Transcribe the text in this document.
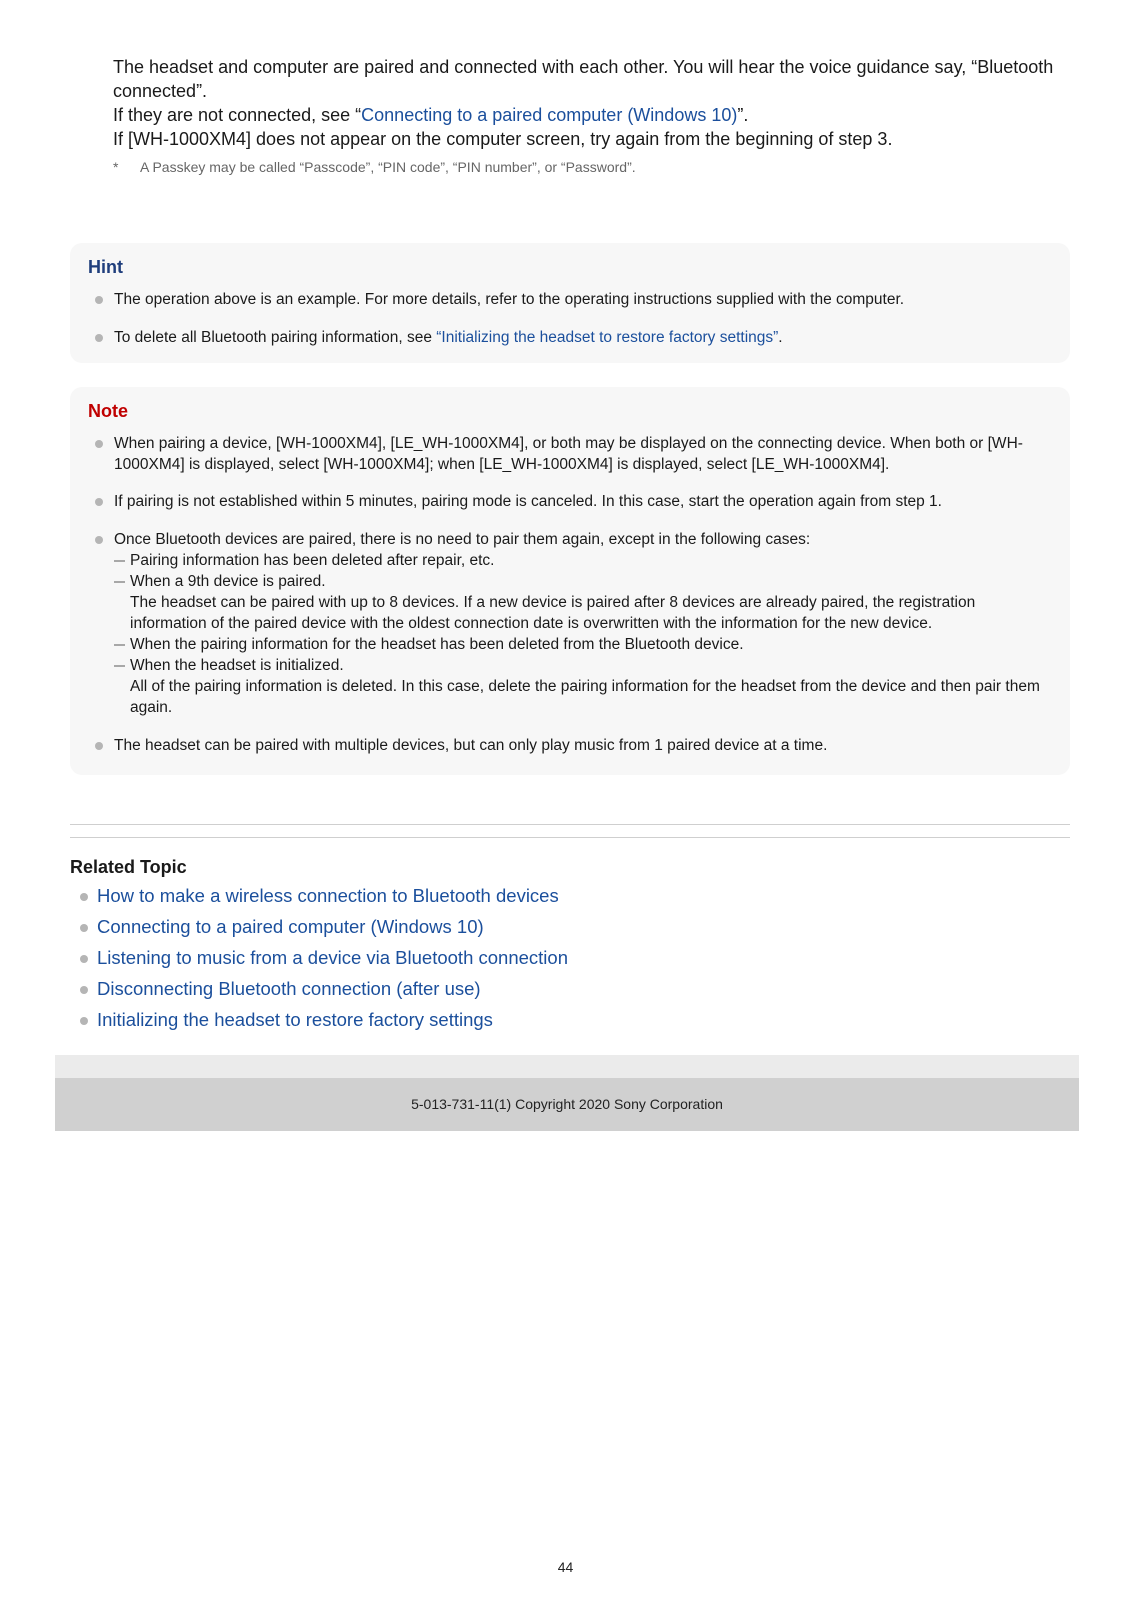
The headset and computer are paired and connected with each other. You will hear the voice guidance say, “Bluetooth connected”.

If they are not connected, see “Connecting to a paired computer (Windows 10)”.

If [WH-1000XM4] does not appear on the computer screen, try again from the beginning of step 3.

* A Passkey may be called “Passcode”, “PIN code”, “PIN number”, or “Password”.
Hint
The operation above is an example. For more details, refer to the operating instructions supplied with the computer.
To delete all Bluetooth pairing information, see “Initializing the headset to restore factory settings”.
Note
When pairing a device, [WH-1000XM4], [LE_WH-1000XM4], or both may be displayed on the connecting device. When both or [WH-1000XM4] is displayed, select [WH-1000XM4]; when [LE_WH-1000XM4] is displayed, select [LE_WH-1000XM4].
If pairing is not established within 5 minutes, pairing mode is canceled. In this case, start the operation again from step 1.
Once Bluetooth devices are paired, there is no need to pair them again, except in the following cases:
Pairing information has been deleted after repair, etc.
When a 9th device is paired.
The headset can be paired with up to 8 devices. If a new device is paired after 8 devices are already paired, the registration information of the paired device with the oldest connection date is overwritten with the information for the new device.
When the pairing information for the headset has been deleted from the Bluetooth device.
When the headset is initialized.
All of the pairing information is deleted. In this case, delete the pairing information for the headset from the device and then pair them again.
The headset can be paired with multiple devices, but can only play music from 1 paired device at a time.
Related Topic
How to make a wireless connection to Bluetooth devices
Connecting to a paired computer (Windows 10)
Listening to music from a device via Bluetooth connection
Disconnecting Bluetooth connection (after use)
Initializing the headset to restore factory settings
5-013-731-11(1) Copyright 2020 Sony Corporation
44
